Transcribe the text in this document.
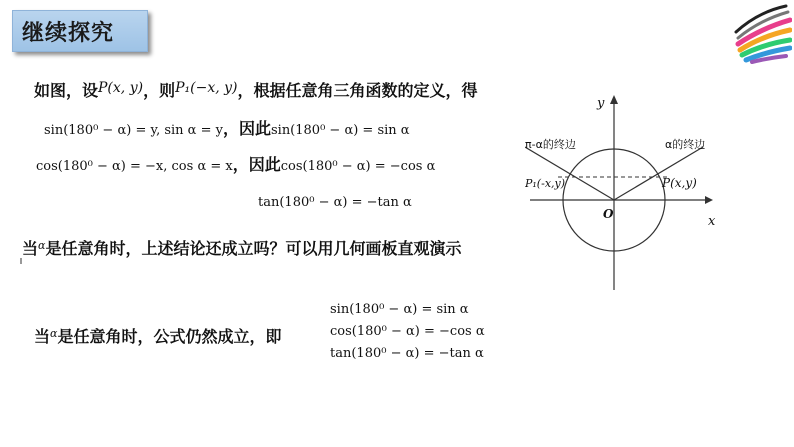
继续探究
如图，设P(x, y)，则P₁(−x, y)，根据任意角三角函数的定义，得
sin(180⁰ − α) = y, sin α = y，因此sin(180⁰ − α) = sin α
cos(180⁰ − α) = −x, cos α = x，因此cos(180⁰ − α) = −cos α
tan(180⁰ − α) = −tan α
当$^\alpha$是任意角时，上述结论还成立吗？可以用几何画板直观演示
当$^\alpha$是任意角时，公式仍然成立，即
sin(180⁰ − α) = sin α
cos(180⁰ − α) = −cos α
tan(180⁰ − α) = −tan α
y
x
O
π-α的终边	α的终边
P(x,y)
P₁(-x,y)
